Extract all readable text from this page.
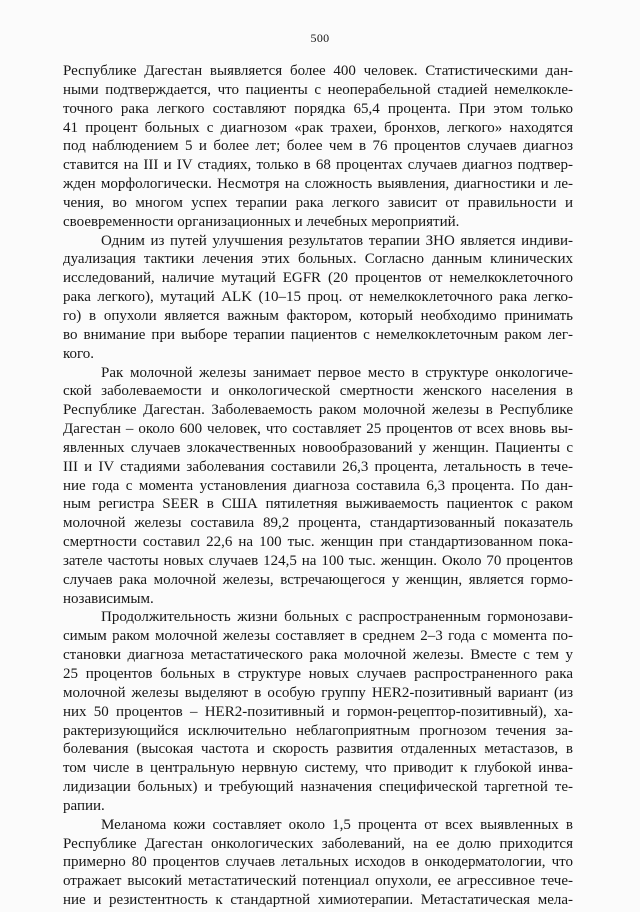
500
Республике Дагестан выявляется более 400 человек. Статистическими дан-
ными подтверждается, что пациенты с неоперабельной стадией немелкокле-
точного рака легкого составляют порядка 65,4 процента. При этом только
41 процент больных с диагнозом «рак трахеи, бронхов, легкого» находятся
под наблюдением 5 и более лет; более чем в 76 процентов случаев диагноз
ставится на III и IV стадиях, только в 68 процентах случаев диагноз подтвер-
жден морфологически. Несмотря на сложность выявления, диагностики и ле-
чения, во многом успех терапии рака легкого зависит от правильности и
своевременности организационных и лечебных мероприятий.
Одним из путей улучшения результатов терапии ЗНО является индиви-
дуализация тактики лечения этих больных. Согласно данным клинических
исследований, наличие мутаций EGFR (20 процентов от немелкоклеточного
рака легкого), мутаций ALK (10–15 проц. от немелкоклеточного рака легко-
го) в опухоли является важным фактором, который необходимо принимать
во внимание при выборе терапии пациентов с немелкоклеточным раком лег-
кого.
Рак молочной железы занимает первое место в структуре онкологиче-
ской заболеваемости и онкологической смертности женского населения в
Республике Дагестан. Заболеваемость раком молочной железы в Республике
Дагестан – около 600 человек, что составляет 25 процентов от всех вновь вы-
явленных случаев злокачественных новообразований у женщин. Пациенты с
III и IV стадиями заболевания составили 26,3 процента, летальность в тече-
ние года с момента установления диагноза составила 6,3 процента. По дан-
ным регистра SEER в США пятилетняя выживаемость пациенток с раком
молочной железы составила 89,2 процента, стандартизованный показатель
смертности составил 22,6 на 100 тыс. женщин при стандартизованном пока-
зателе частоты новых случаев 124,5 на 100 тыс. женщин. Около 70 процентов
случаев рака молочной железы, встречающегося у женщин, является гормо-
нозависимым.
Продолжительность жизни больных с распространенным гормонозави-
симым раком молочной железы составляет в среднем 2–3 года с момента по-
становки диагноза метастатического рака молочной железы. Вместе с тем у
25 процентов больных в структуре новых случаев распространенного рака
молочной железы выделяют в особую группу HER2-позитивный вариант (из
них 50 процентов – HER2-позитивный и гормон-рецептор-позитивный), ха-
рактеризующийся исключительно неблагоприятным прогнозом течения за-
болевания (высокая частота и скорость развития отдаленных метастазов, в
том числе в центральную нервную систему, что приводит к глубокой инва-
лидизации больных) и требующий назначения специфической таргетной те-
рапии.
Меланома кожи составляет около 1,5 процента от всех выявленных в
Республике Дагестан онкологических заболеваний, на ее долю приходится
примерно 80 процентов случаев летальных исходов в онкодерматологии, что
отражает высокий метастатический потенциал опухоли, ее агрессивное тече-
ние и резистентность к стандартной химиотерапии. Метастатическая мела-
